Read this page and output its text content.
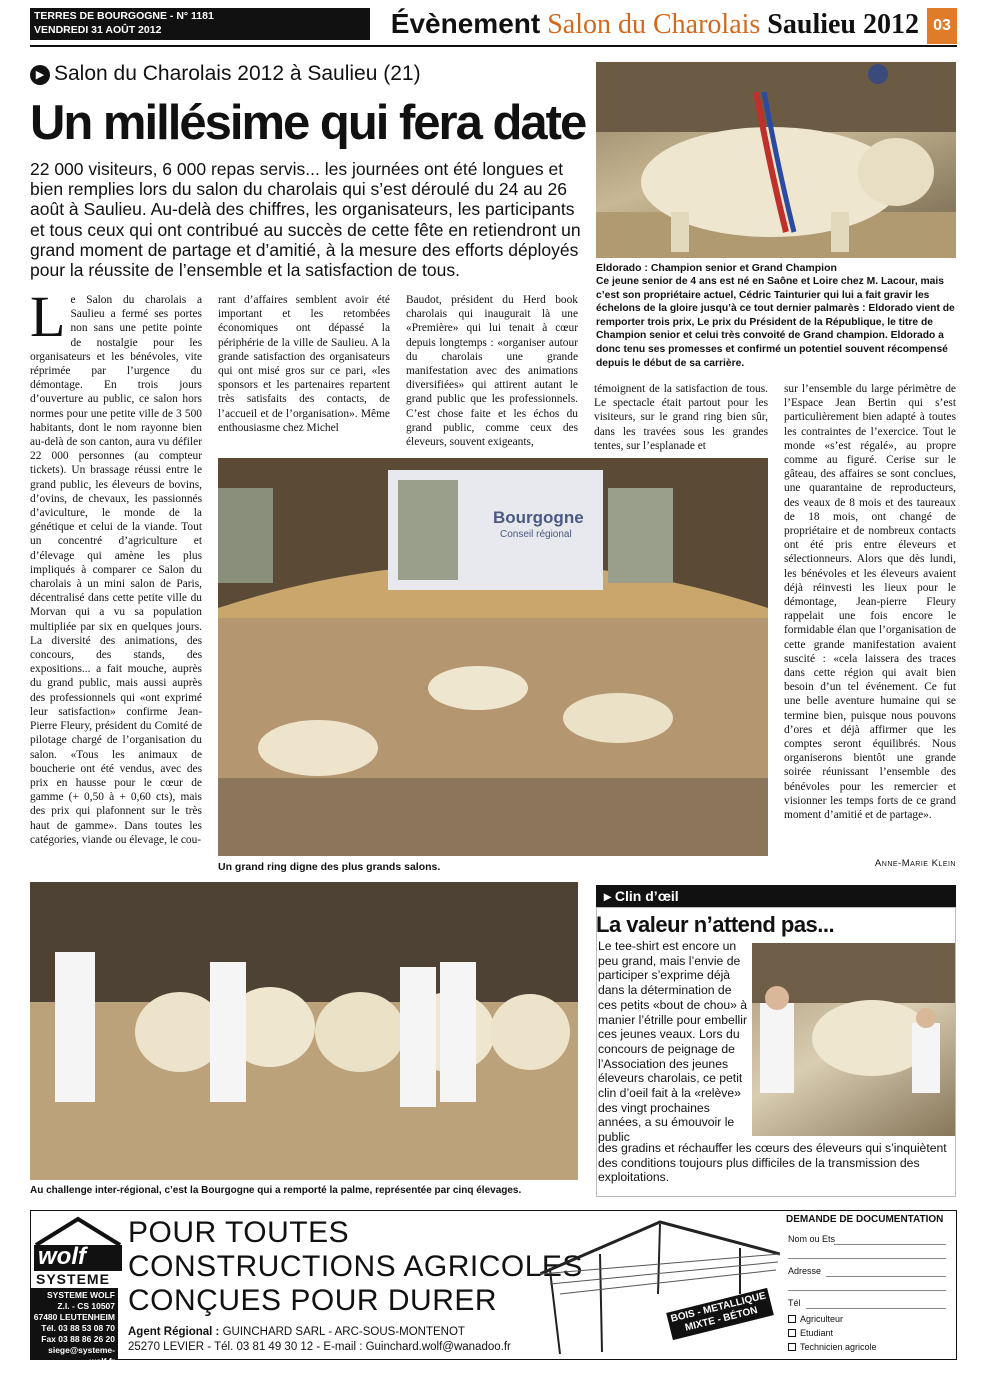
TERRES DE BOURGOGNE - N° 1181
VENDREDI 31 AOÛT 2012	Évènement Salon du Charolais Saulieu 2012 03
▶ Salon du Charolais 2012 à Saulieu (21)
Un millésime qui fera date
22 000 visiteurs, 6 000 repas servis... les journées ont été longues et bien remplies lors du salon du charolais qui s’est déroulé du 24 au 26 août à Saulieu. Au-delà des chiffres, les organisateurs, les participants et tous ceux qui ont contribué au succès de cette fête en retiendront un grand moment de partage et d’amitié, à la mesure des efforts déployés pour la réussite de l’ensemble et la satisfaction de tous.	Eldorado : Champion senior et Grand Champion
Ce jeune senior de 4 ans est né en Saône et Loire chez M. Lacour, mais c’est son propriétaire actuel, Cédric Tainturier qui lui a fait gravir les échelons de la gloire jusqu’à ce tout dernier palmarès : Eldorado vient de remporter trois prix, Le prix du Président de la République, le titre de Champion senior et celui très convoité de Grand champion. Eldorado a donc tenu ses promesses et confirmé un potentiel souvent récompensé depuis le début de sa carrière.
Le Salon du charolais a Saulieu a fermé ses portes non sans une petite pointe de nostalgie pour les organisateurs et les bénévoles, vite réprimée par l’urgence du démontage. En trois jours d’ouverture au public, ce salon hors normes pour une petite ville de 3 500 habitants, dont le nom rayonne bien au-delà de son canton, aura vu défiler 22 000 personnes (au compteur tickets). Un brassage réussi entre le grand public, les éleveurs de bovins, d’ovins, de chevaux, les passionnés d’aviculture, le monde de la génétique et celui de la viande. Tout un concentré d’agriculture et d’élevage qui amène les plus impliqués à comparer ce Salon du charolais à un mini salon de Paris, décentralisé dans cette petite ville du Morvan qui a vu sa population multipliée par six en quelques jours. La diversité des animations, des concours, des stands, des expositions... a fait mouche, auprès du grand public, mais aussi auprès des professionnels qui «ont exprimé leur satisfaction» confirme Jean-Pierre Fleury, président du Comité de pilotage chargé de l’organisation du salon. «Tous les animaux de boucherie ont été vendus, avec des prix en hausse pour le cœur de gamme (+ 0,50 à + 0,60 cts), mais des prix qui plafonnent sur le très haut de gamme». Dans toutes les catégories, viande ou élevage, le cou-
rant d’affaires semblent avoir été important et les retombées économiques ont dépassé la périphérie de la ville de Saulieu. A la grande satisfaction des organisateurs qui ont misé gros sur ce pari, «les sponsors et les partenaires repartent très satisfaits des contacts, de l’accueil et de l’organisation». Même enthousiasme chez Michel
Baudot, président du Herd book charolais qui inaugurait là une «Première» qui lui tenait à cœur depuis longtemps : «organiser autour du charolais une grande manifestation avec des animations diversifiées» qui attirent autant le grand public que les professionnels. C’est chose faite et les échos du grand public, comme ceux des éleveurs, souvent exigeants,
témoignent de la satisfaction de tous. Le spectacle était partout pour les visiteurs, sur le grand ring bien sûr, dans les travées sous les grandes tentes, sur l’esplanade et
sur l’ensemble du large périmètre de l’Espace Jean Bertin qui s’est particulièrement bien adapté à toutes les contraintes de l’exercice. Tout le monde «s’est régalé», au propre comme au figuré. Cerise sur le gâteau, des affaires se sont conclues, une quarantaine de reproducteurs, des veaux de 8 mois et des taureaux de 18 mois, ont changé de propriétaire et de nombreux contacts ont été pris entre éleveurs et sélectionneurs. Alors que dès lundi, les bénévoles et les éleveurs avaient déjà réinvesti les lieux pour le démontage, Jean-pierre Fleury rappelait une fois encore le formidable élan que l’organisation de cette grande manifestation avaient suscité : «cela laissera des traces dans cette région qui avait bien besoin d’un tel événement. Ce fut une belle aventure humaine qui se termine bien, puisque nous pouvons d’ores et déjà affirmer que les comptes seront équilibrés. Nous organiserons bientôt une grande soirée réunissant l’ensemble des bénévoles pour les remercier et visionner les temps forts de ce grand moment d’amitié et de partage».
Anne-Marie Klein
Bourgogne
Conseil régional
Un grand ring digne des plus grands salons.
Au challenge inter-régional, c’est la Bourgogne qui a remporté la palme, représentée par cinq élevages.
▸ Clin d’œil
La valeur n’attend pas...
Le tee-shirt est encore un peu grand, mais l’envie de participer s’exprime déjà dans la détermination de ces petits «bout de chou» à manier l’étrille pour embellir ces jeunes veaux. Lors du concours de peignage de l’Association des jeunes éleveurs charolais, ce petit clin d’oeil fait à la «relève» des vingt prochaines années, a su émouvoir le public
des gradins et réchauffer les cœurs des éleveurs qui s’inquiètent des conditions toujours plus difficiles de la transmission des exploitations.
wolf
SYSTEME
SYSTEME WOLF
Z.I. - CS 10507
67480 LEUTENHEIM
Tél. 03 88 53 08 70
Fax 03 88 86 26 20
siege@systeme-wolf.fr
POUR TOUTES
CONSTRUCTIONS AGRICOLES
CONÇUES POUR DURER
Agent Régional : GUINCHARD SARL - ARC-SOUS-MONTENOT
25270 LEVIER - Tél. 03 81 49 30 12 - E-mail : Guinchard.wolf@wanadoo.fr
BOIS - METALLIQUE MIXTE - BÉTON
DEMANDE DE DOCUMENTATION
Nom ou Ets
Adresse
Tél
Agriculteur
Etudiant
Technicien agricole
